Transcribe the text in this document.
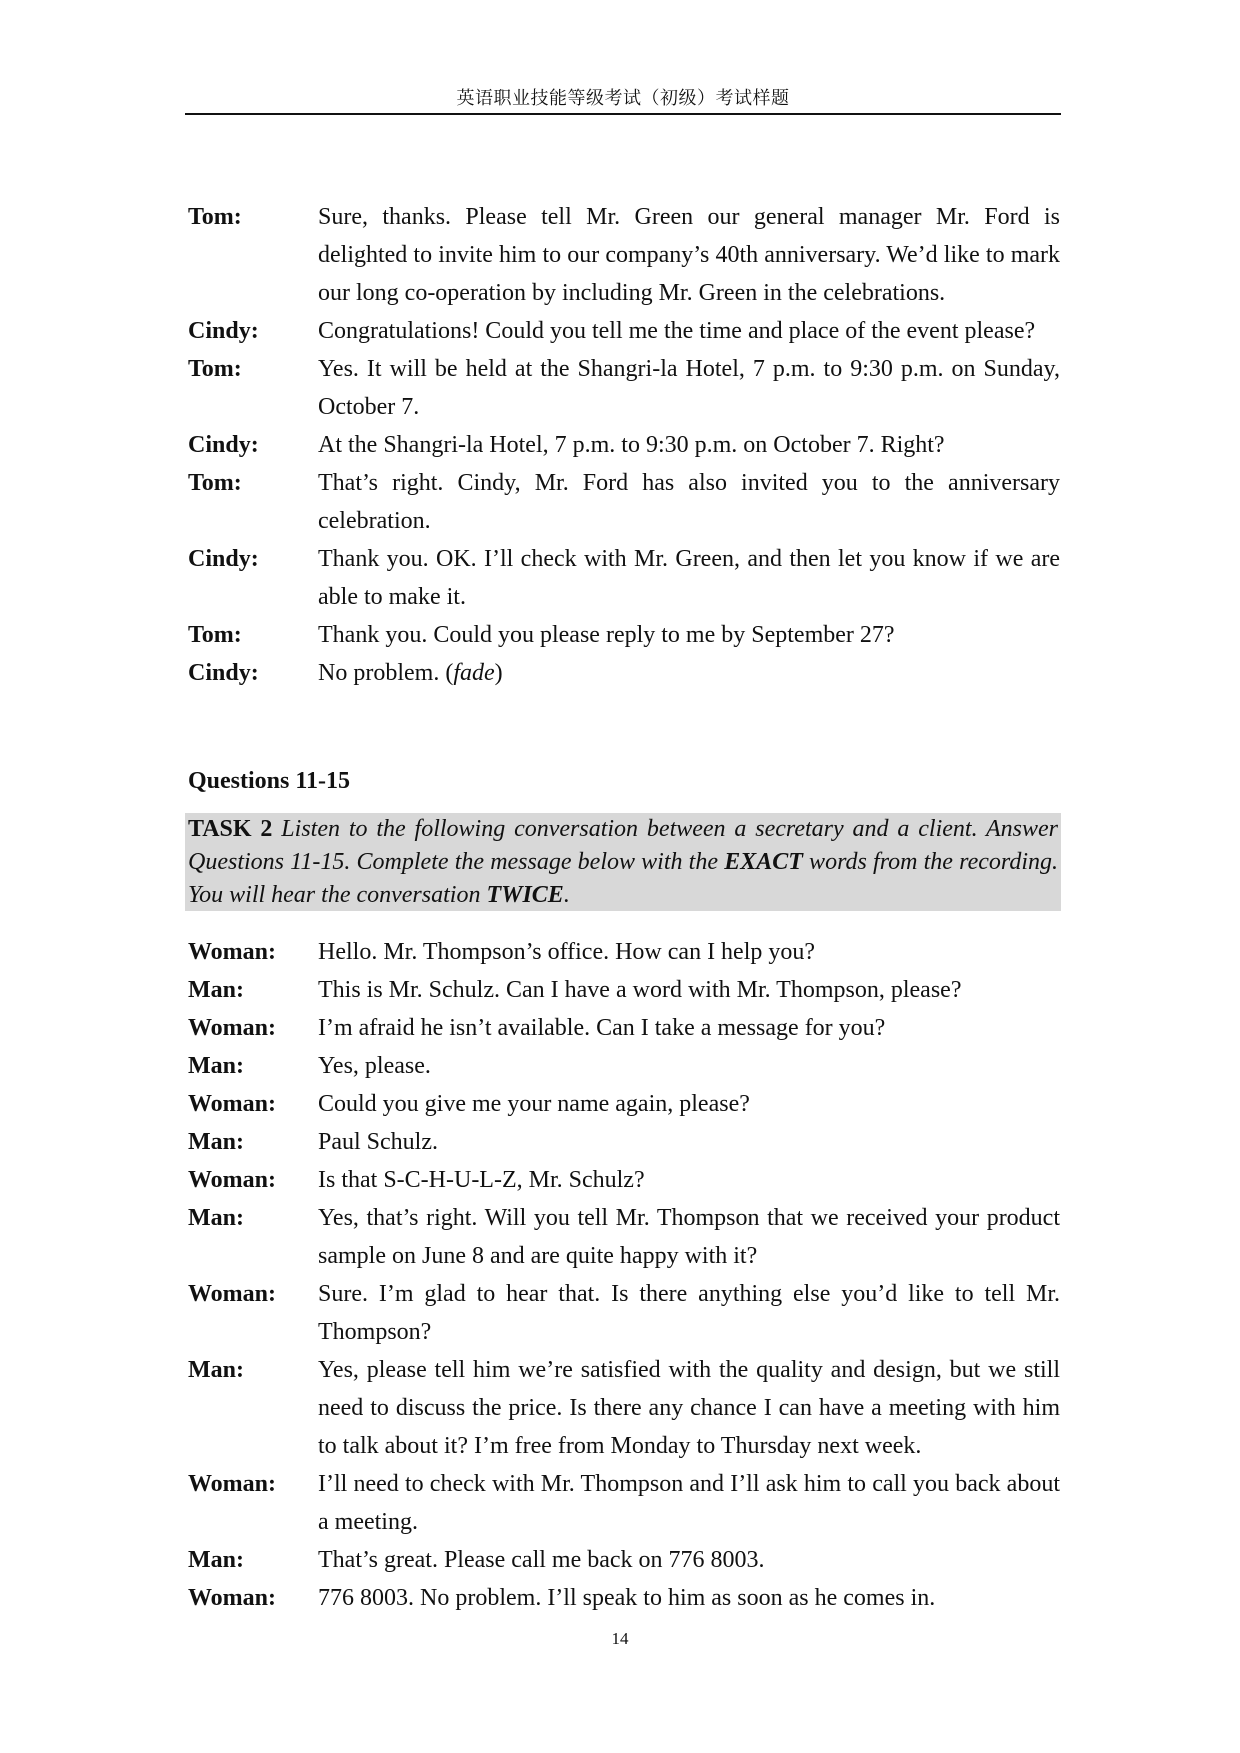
英语职业技能等级考试（初级）考试样题
Tom:	Sure, thanks. Please tell Mr. Green our general manager Mr. Ford is delighted to invite him to our company’s 40th anniversary. We’d like to mark our long co-operation by including Mr. Green in the celebrations.
Cindy:	Congratulations! Could you tell me the time and place of the event please?
Tom:	Yes. It will be held at the Shangri-la Hotel, 7 p.m. to 9:30 p.m. on Sunday, October 7.
Cindy:	At the Shangri-la Hotel, 7 p.m. to 9:30 p.m. on October 7. Right?
Tom:	That’s right. Cindy, Mr. Ford has also invited you to the anniversary celebration.
Cindy:	Thank you. OK. I’ll check with Mr. Green, and then let you know if we are able to make it.
Tom:	Thank you. Could you please reply to me by September 27?
Cindy:	No problem. (fade)
Questions 11-15
TASK 2 Listen to the following conversation between a secretary and a client. Answer Questions 11-15. Complete the message below with the EXACT words from the recording. You will hear the conversation TWICE.
Woman:	Hello. Mr. Thompson’s office. How can I help you?
Man:	This is Mr. Schulz. Can I have a word with Mr. Thompson, please?
Woman:	I’m afraid he isn’t available. Can I take a message for you?
Man:	Yes, please.
Woman:	Could you give me your name again, please?
Man:	Paul Schulz.
Woman:	Is that S-C-H-U-L-Z, Mr. Schulz?
Man:	Yes, that’s right. Will you tell Mr. Thompson that we received your product sample on June 8 and are quite happy with it?
Woman:	Sure. I’m glad to hear that. Is there anything else you’d like to tell Mr. Thompson?
Man:	Yes, please tell him we’re satisfied with the quality and design, but we still need to discuss the price. Is there any chance I can have a meeting with him to talk about it? I’m free from Monday to Thursday next week.
Woman:	I’ll need to check with Mr. Thompson and I’ll ask him to call you back about a meeting.
Man:	That’s great. Please call me back on 776 8003.
Woman:	776 8003. No problem. I’ll speak to him as soon as he comes in.
14
